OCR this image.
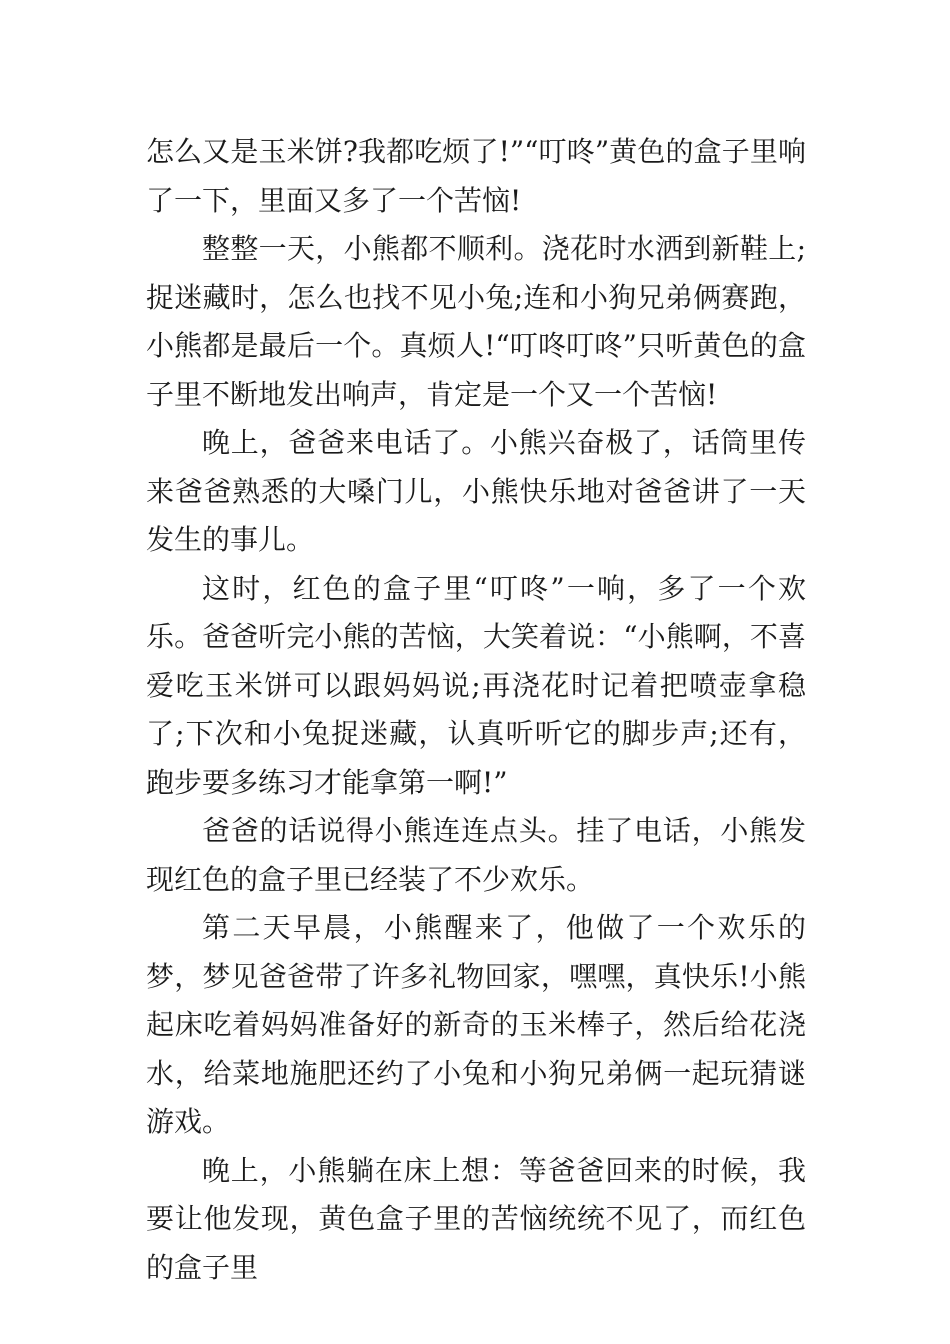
怎么又是玉米饼?我都吃烦了!”“叮咚”黄色的盒子里响了一下，里面又多了一个苦恼!

整整一天，小熊都不顺利。浇花时水洒到新鞋上;捉迷藏时，怎么也找不见小兔;连和小狗兄弟俩赛跑，小熊都是最后一个。真烦人!“叮咚叮咚”只听黄色的盒子里不断地发出响声，肯定是一个又一个苦恼!

晚上，爸爸来电话了。小熊兴奋极了，话筒里传来爸爸熟悉的大嗓门儿，小熊快乐地对爸爸讲了一天发生的事儿。

这时，红色的盒子里“叮咚”一响，多了一个欢乐。爸爸听完小熊的苦恼，大笑着说：“小熊啊，不喜爱吃玉米饼可以跟妈妈说;再浇花时记着把喷壶拿稳了;下次和小兔捉迷藏，认真听听它的脚步声;还有，跑步要多练习才能拿第一啊!”

爸爸的话说得小熊连连点头。挂了电话，小熊发现红色的盒子里已经装了不少欢乐。

第二天早晨，小熊醒来了，他做了一个欢乐的梦，梦见爸爸带了许多礼物回家，嘿嘿，真快乐!小熊起床吃着妈妈准备好的新奇的玉米棒子，然后给花浇水，给菜地施肥还约了小兔和小狗兄弟俩一起玩猜谜游戏。

晚上，小熊躺在床上想：等爸爸回来的时候，我要让他发现，黄色盒子里的苦恼统统不见了，而红色的盒子里
